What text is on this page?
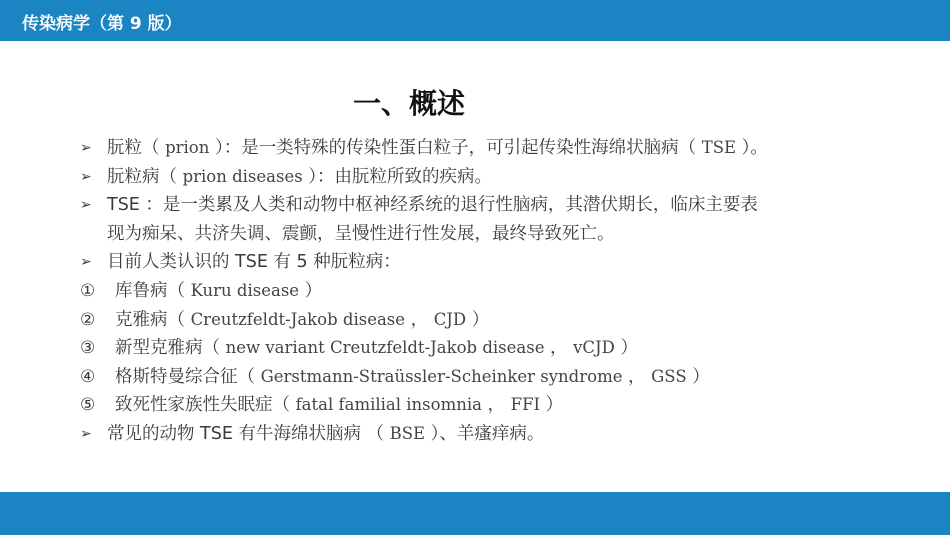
传染病学（第 9 版）
一、概述
➢ 朊粒（ prion ）：是一类特殊的传染性蛋白粒子，可引起传染性海绵状脑病（ TSE ）。
➢ 朊粒病（ prion diseases ）：由朊粒所致的疾病。
➢ TSE ：是一类累及人类和动物中枢神经系统的退行性脑病，其潜伏期长，临床主要表
现为痴呆、共济失调、震颤，呈慢性进行性发展，最终导致死亡。
➢ 目前人类认识的 TSE 有 5 种朊粒病：
①	库鲁病（ Kuru disease ）
②	克雅病（ Creutzfeldt-Jakob disease ， CJD ）
③	新型克雅病（ new variant Creutzfeldt-Jakob disease ， vCJD ）
④	格斯特曼综合征（ Gerstmann-Straüssler-Scheinker syndrome ， GSS ）
⑤	致死性家族性失眠症（ fatal familial insomnia ， FFI ）
➢ 常见的动物 TSE 有牛海绵状脑病 （ BSE ）、羊瘙痒病。
